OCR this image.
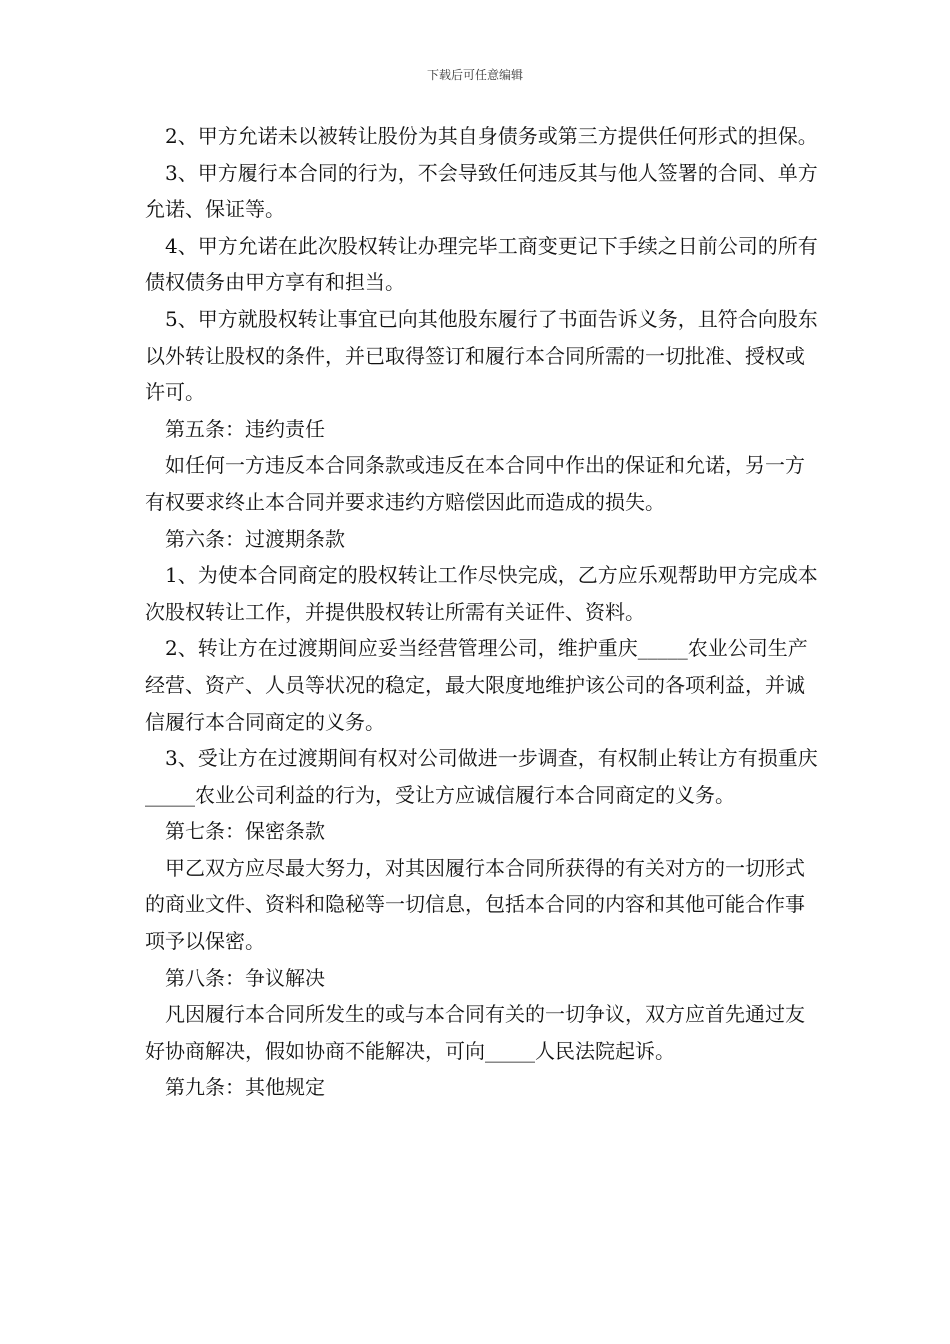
下载后可任意编辑

2、甲方允诺未以被转让股份为其自身债务或第三方提供任何形式的担保。

3、甲方履行本合同的行为，不会导致任何违反其与他人签署的合同、单方允诺、保证等。

4、甲方允诺在此次股权转让办理完毕工商变更记下手续之日前公司的所有债权债务由甲方享有和担当。

5、甲方就股权转让事宜已向其他股东履行了书面告诉义务，且符合向股东以外转让股权的条件，并已取得签订和履行本合同所需的一切批准、授权或许可。

第五条：违约责任

如任何一方违反本合同条款或违反在本合同中作出的保证和允诺，另一方有权要求终止本合同并要求违约方赔偿因此而造成的损失。

第六条：过渡期条款

1、为使本合同商定的股权转让工作尽快完成，乙方应乐观帮助甲方完成本次股权转让工作，并提供股权转让所需有关证件、资料。

2、转让方在过渡期间应妥当经营管理公司，维护重庆_____农业公司生产经营、资产、人员等状况的稳定，最大限度地维护该公司的各项利益，并诚信履行本合同商定的义务。

3、受让方在过渡期间有权对公司做进一步调查，有权制止转让方有损重庆_____农业公司利益的行为，受让方应诚信履行本合同商定的义务。

第七条：保密条款

甲乙双方应尽最大努力，对其因履行本合同所获得的有关对方的一切形式的商业文件、资料和隐秘等一切信息，包括本合同的内容和其他可能合作事项予以保密。

第八条：争议解决

凡因履行本合同所发生的或与本合同有关的一切争议，双方应首先通过友好协商解决，假如协商不能解决，可向_____人民法院起诉。

第九条：其他规定
